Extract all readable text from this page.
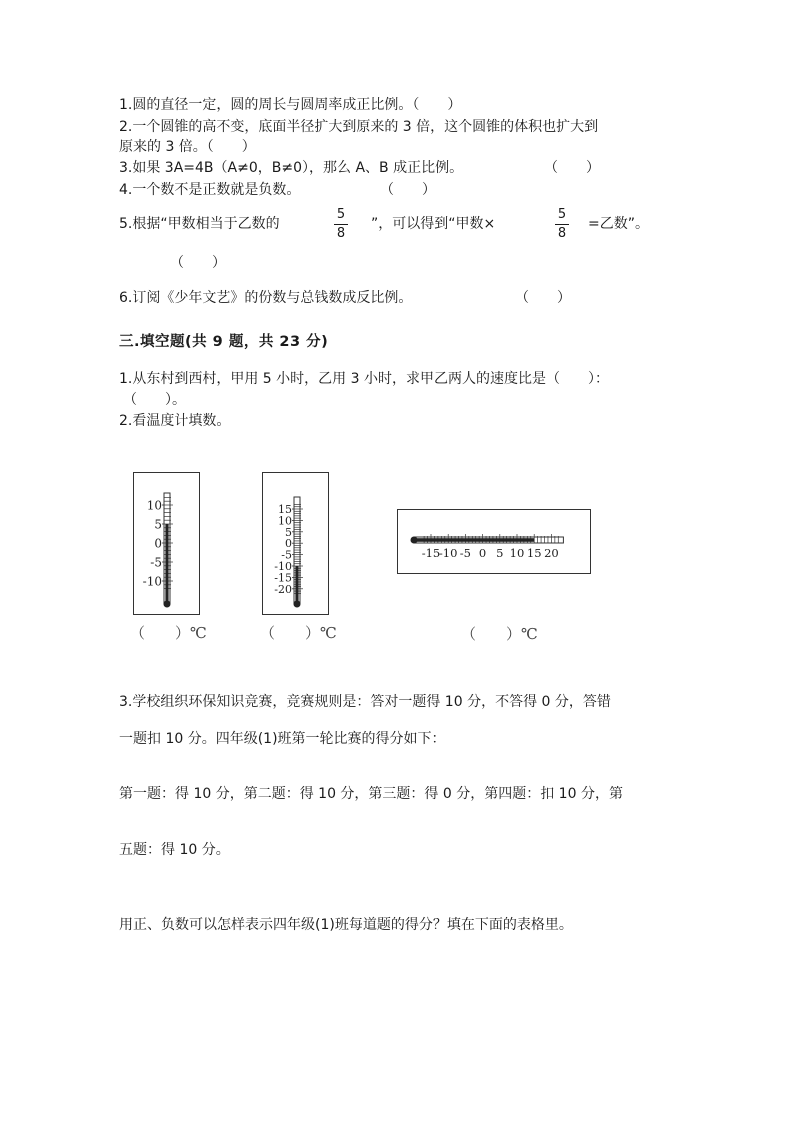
1.圆的直径一定，圆的周长与圆周率成正比例。（　　）
2.一个圆锥的高不变，底面半径扩大到原来的 3 倍，这个圆锥的体积也扩大到
原来的 3 倍。（　　）
3.如果 3A=4B（A≠0，B≠0），那么 A、B 成正比例。	（　　）
4.一个数不是正数就是负数。	（　　）
5.根据“甲数相当于乙数的
5
8
”，可以得到“甲数×
5
8
=乙数”。
（　　）
6.订阅《少年文艺》的份数与总钱数成反比例。	（　　）
三.填空题(共 9 题，共 23 分)
1.从东村到西村，甲用 5 小时，乙用 3 小时，求甲乙两人的速度比是（　　）：
（　　）。
2.看温度计填数。
10
5
0
-5
-10
（　　）℃
15
10
5
0
-5
-10
-15
-20
（　　）℃
-15
-10 -5 0 5 10 15 20
（　　）℃
3.学校组织环保知识竞赛，竞赛规则是：答对一题得 10 分，不答得 0 分，答错
一题扣 10 分。四年级(1)班第一轮比赛的得分如下：
第一题：得 10 分，第二题：得 10 分，第三题：得 0 分，第四题：扣 10 分，第
五题：得 10 分。
用正、负数可以怎样表示四年级(1)班每道题的得分？填在下面的表格里。
